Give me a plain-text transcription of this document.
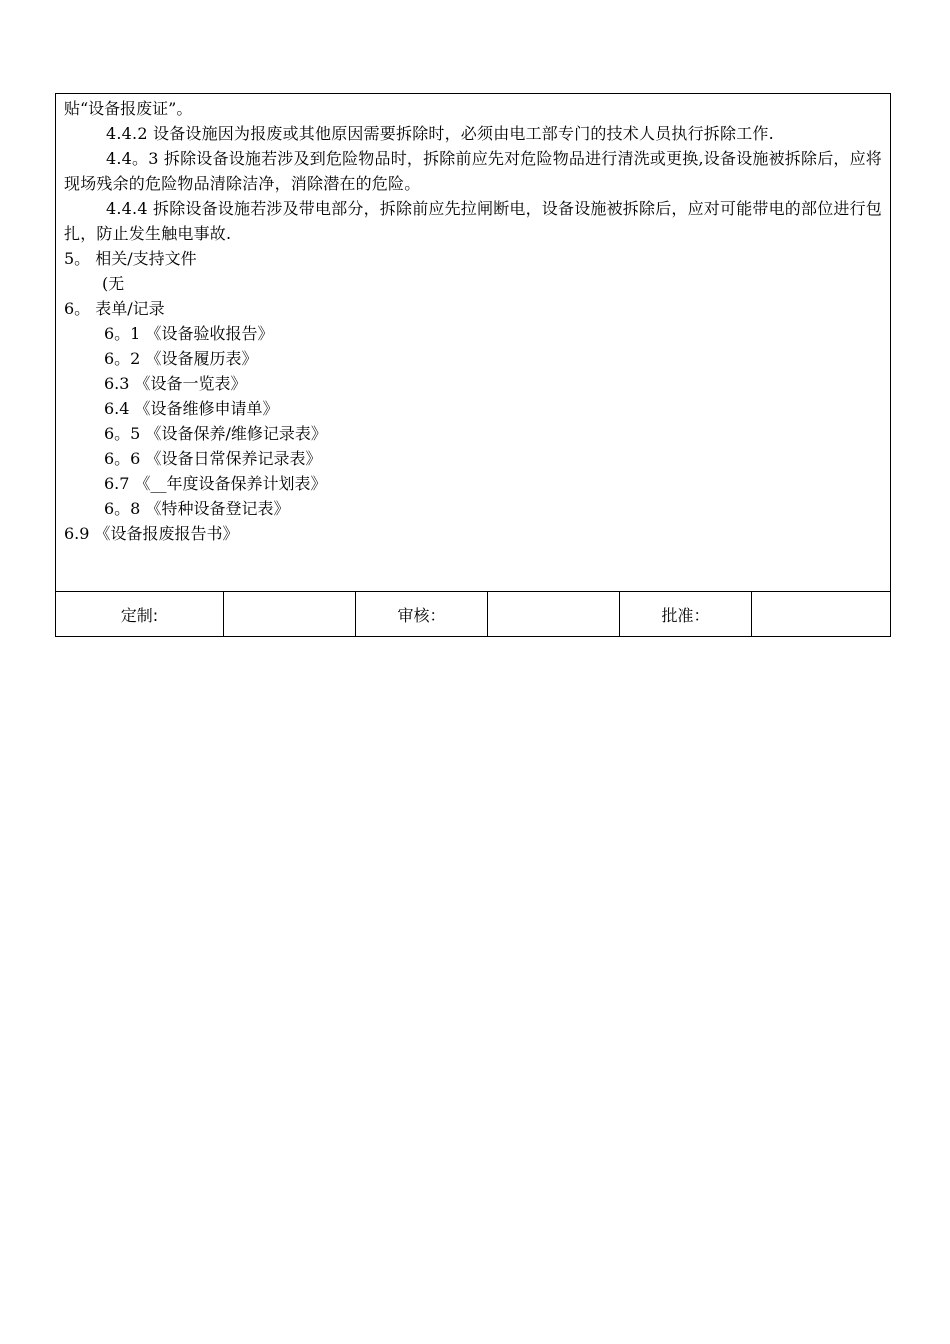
贴“设备报废证”。
4.4.2 设备设施因为报废或其他原因需要拆除时，必须由电工部专门的技术人员执行拆除工作.
4.4。3 拆除设备设施若涉及到危险物品时，拆除前应先对危险物品进行清洗或更换,设备设施被拆除后，应将现场残余的危险物品清除洁净，消除潜在的危险。
4.4.4 拆除设备设施若涉及带电部分，拆除前应先拉闸断电，设备设施被拆除后，应对可能带电的部位进行包扎，防止发生触电事故.
5。 相关/支持文件
(无
6。 表单/记录
6。1 《设备验收报告》
6。2 《设备履历表》
6.3 《设备一览表》
6.4 《设备维修申请单》
6。5 《设备保养/维修记录表》
6。6 《设备日常保养记录表》
6.7 《__年度设备保养计划表》
6。8 《特种设备登记表》
6.9 《设备报废报告书》
定制:	审核：	批准：
